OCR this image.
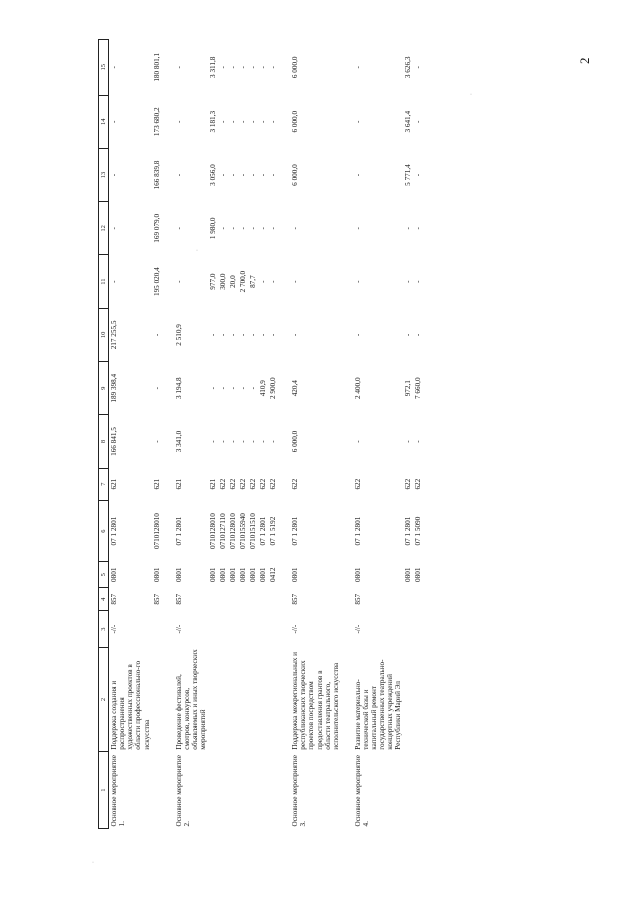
2
1	2	3	4	5	6	7	8	9	10	11	12	13	14	15
Основное мероприятие 1.	Поддержка создания и распространения художественных проектов в области профессионально-го искусства	-//-	857	0801	07 1 2801	621	166 841,5	189 398,4	217 255,5	-	-	-	-	-
			857	0801	0710128010	621	-	-	-	195 020,4	169 079,0	166 839,8	173 680,2	180 801,1

Основное мероприятие 2.	Проведение фестивалей, смотров, конкурсов, объявляемых и иных творческих мероприятий	-//-	857	0801	07 1 2801	621	3 341,0	3 194,8	2 510,9	-	-	-	-	-
				0801	0710128010	621	-	-	-	977,0	1 980,0	3 056,0	3 181,3	3 311,8
				0801	0710127110	622	-	-	-	300,0	-	-	-	-
				0801	0710128010	622	-	-	-	20,0	-	-	-	-
				0801	0710155940	622	-	-	-	2 700,0	-	-	-	-
				0801	0710151510	622	-	-	-	87,7	-	-	-	-
				0801	07 1 2801	622	-	410,9	-	-	-	-	-	-
				0412	07 1 5192	622	-	2 900,0	-	-	-	-	-	-

Основное мероприятие 3.	Поддержка межрегиональных и республиканских творческих проектов посредством предоставления грантов в области театрального, исполнительского искусства	-//-	857	0801	07 1 2801	622	6 000,0	420,4	-	-	-	6 000,0	6 000,0	6 000,0

Основное мероприятие 4.	Развитие материально-технической базы и капитальный ремонт государственных театрально-концертных учреждений Республики Марий Эл	-//-	857	0801	07 1 2801	622	-	2 400,0	-	-	-	-	-	-
				0801	07 1 2801	622	-	972,1	-	-	-	5 771,4	3 641,4	3 626,3
				0801	07 1 5090	622	-	7 660,0	-	-	-	-	-	-
·
·
·
